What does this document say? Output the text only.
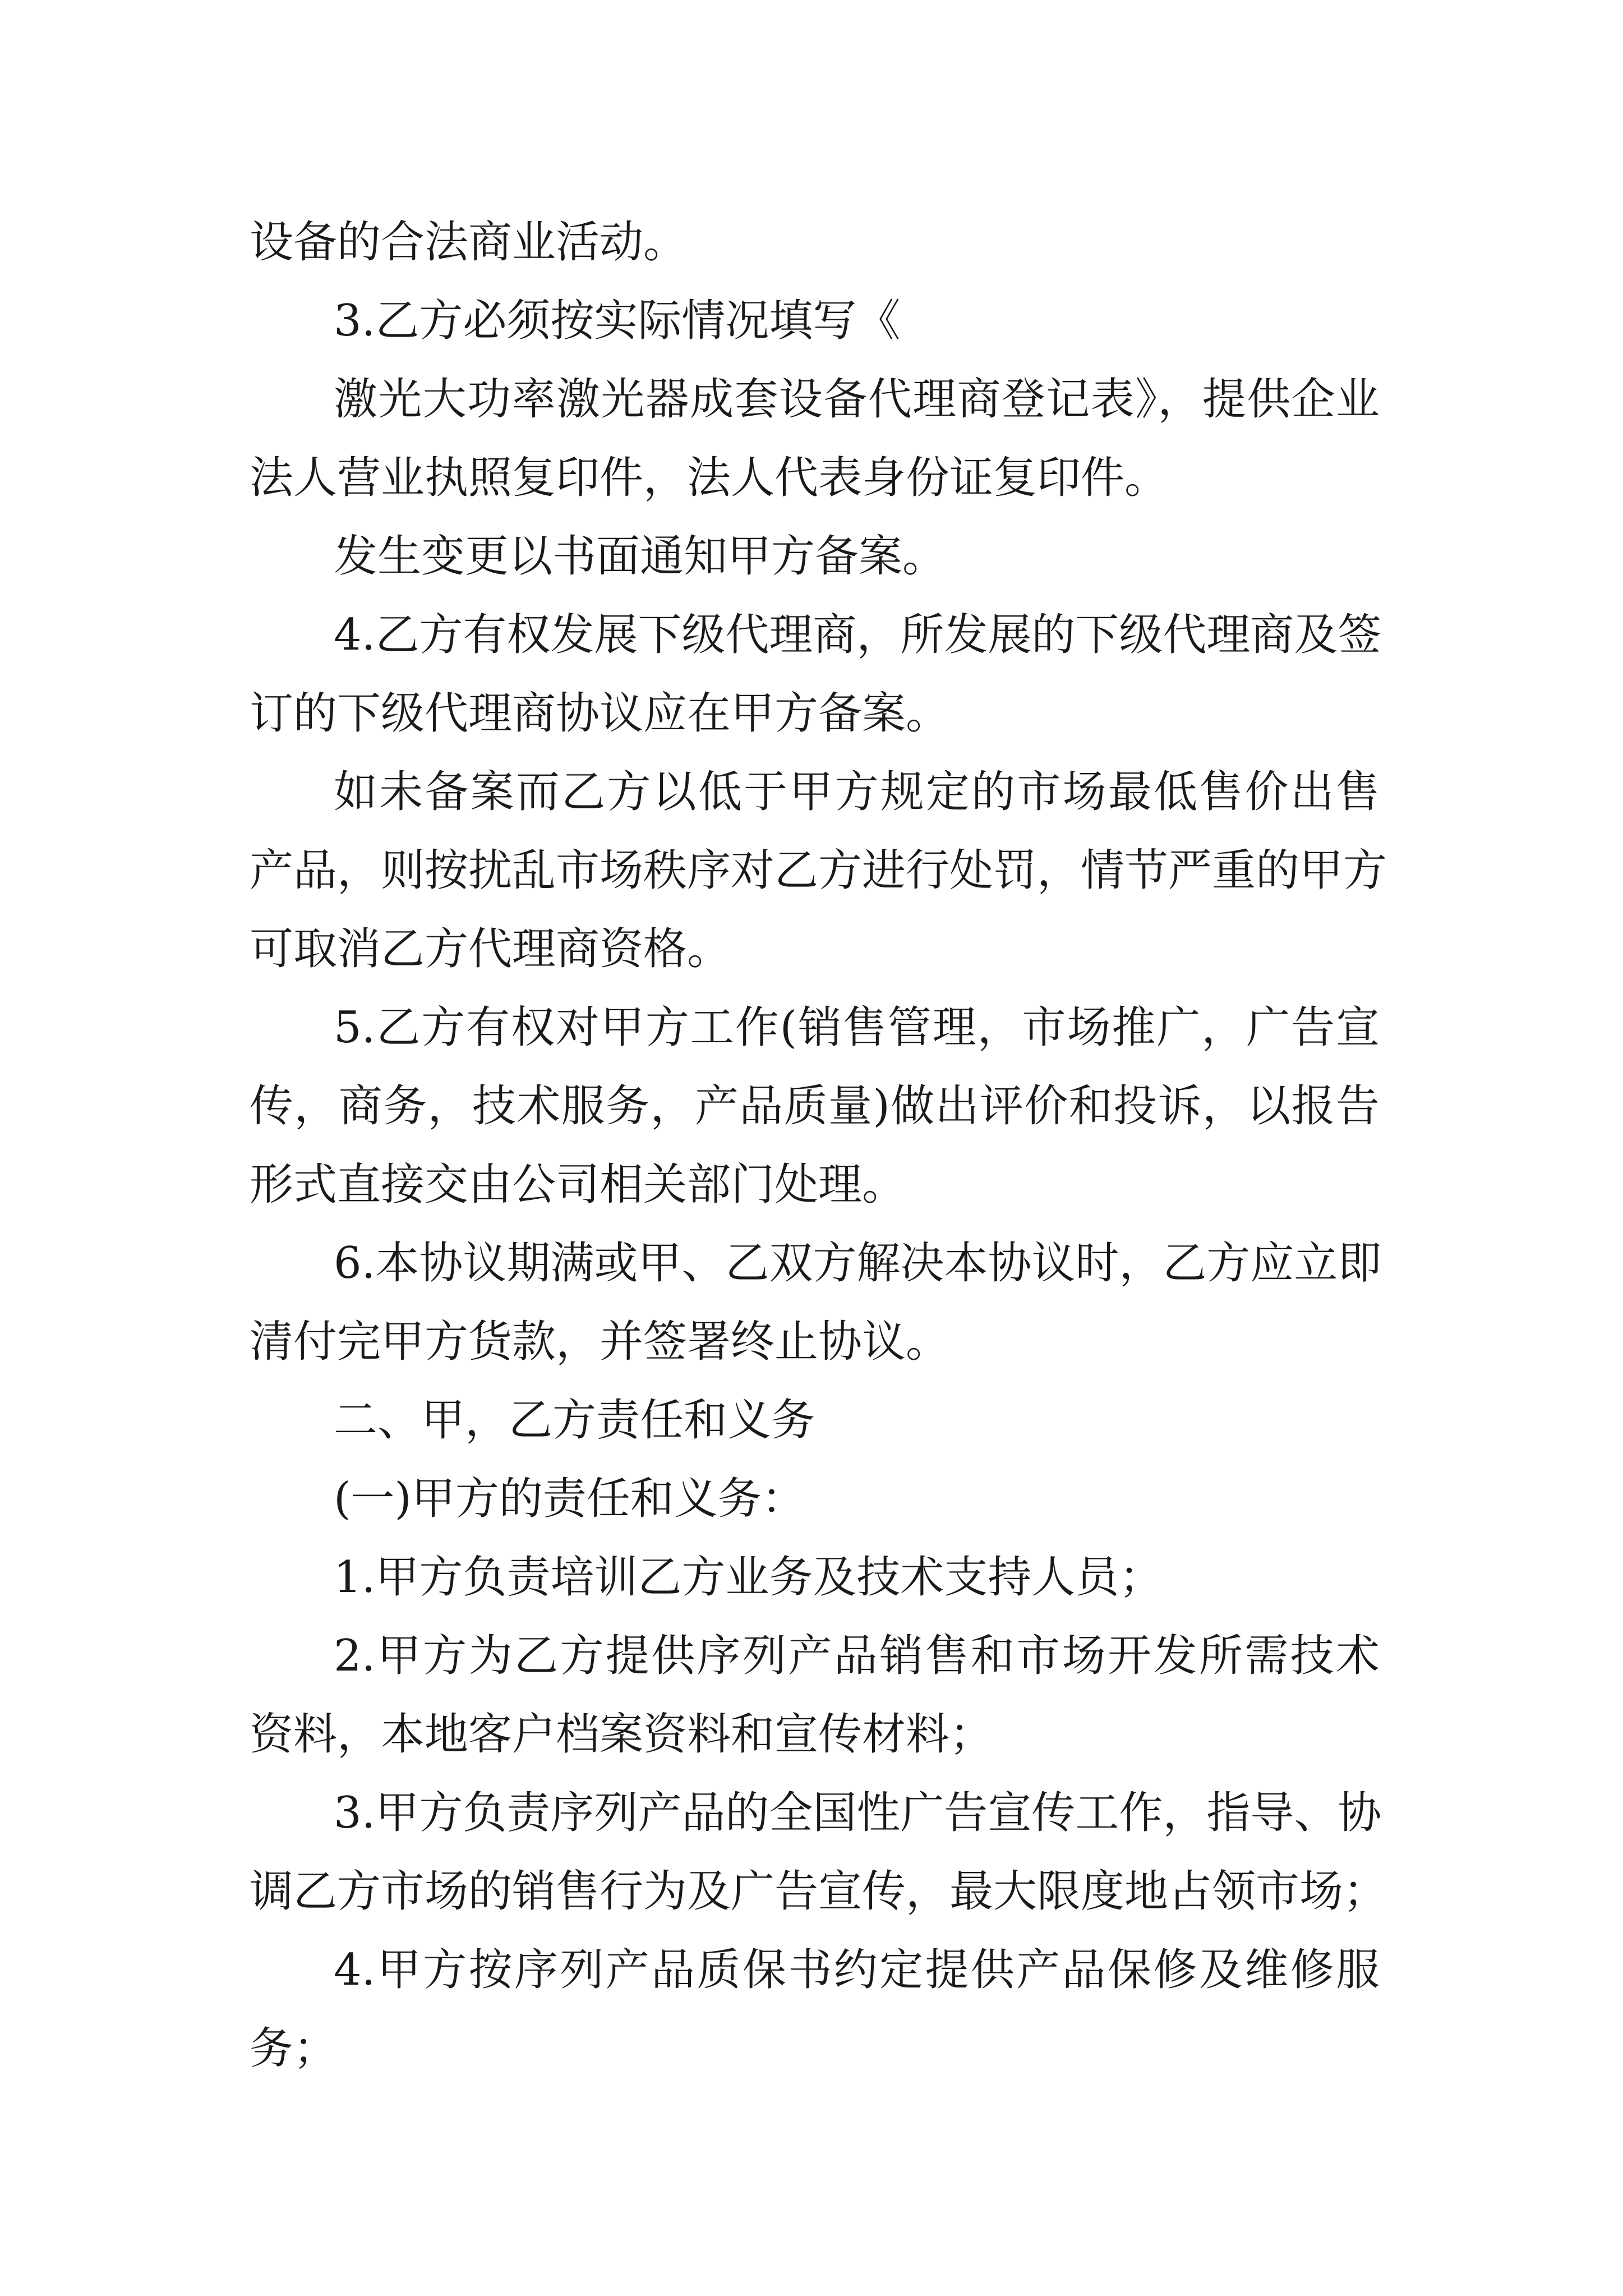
设备的合法商业活动。
3.乙方必须按实际情况填写《
激光大功率激光器成套设备代理商登记表》，提供企业
法人营业执照复印件，法人代表身份证复印件。
发生变更以书面通知甲方备案。
4.乙方有权发展下级代理商，所发展的下级代理商及签
订的下级代理商协议应在甲方备案。
如未备案而乙方以低于甲方规定的市场最低售价出售
产品，则按扰乱市场秩序对乙方进行处罚，情节严重的甲方
可取消乙方代理商资格。
5.乙方有权对甲方工作(销售管理，市场推广，广告宣
传，商务，技术服务，产品质量)做出评价和投诉，以报告
形式直接交由公司相关部门处理。
6.本协议期满或甲、乙双方解决本协议时，乙方应立即
清付完甲方货款，并签署终止协议。
二、甲，乙方责任和义务
(一)甲方的责任和义务：
1.甲方负责培训乙方业务及技术支持人员；
2.甲方为乙方提供序列产品销售和市场开发所需技术
资料，本地客户档案资料和宣传材料；
3.甲方负责序列产品的全国性广告宣传工作，指导、协
调乙方市场的销售行为及广告宣传，最大限度地占领市场；
4.甲方按序列产品质保书约定提供产品保修及维修服
务；
